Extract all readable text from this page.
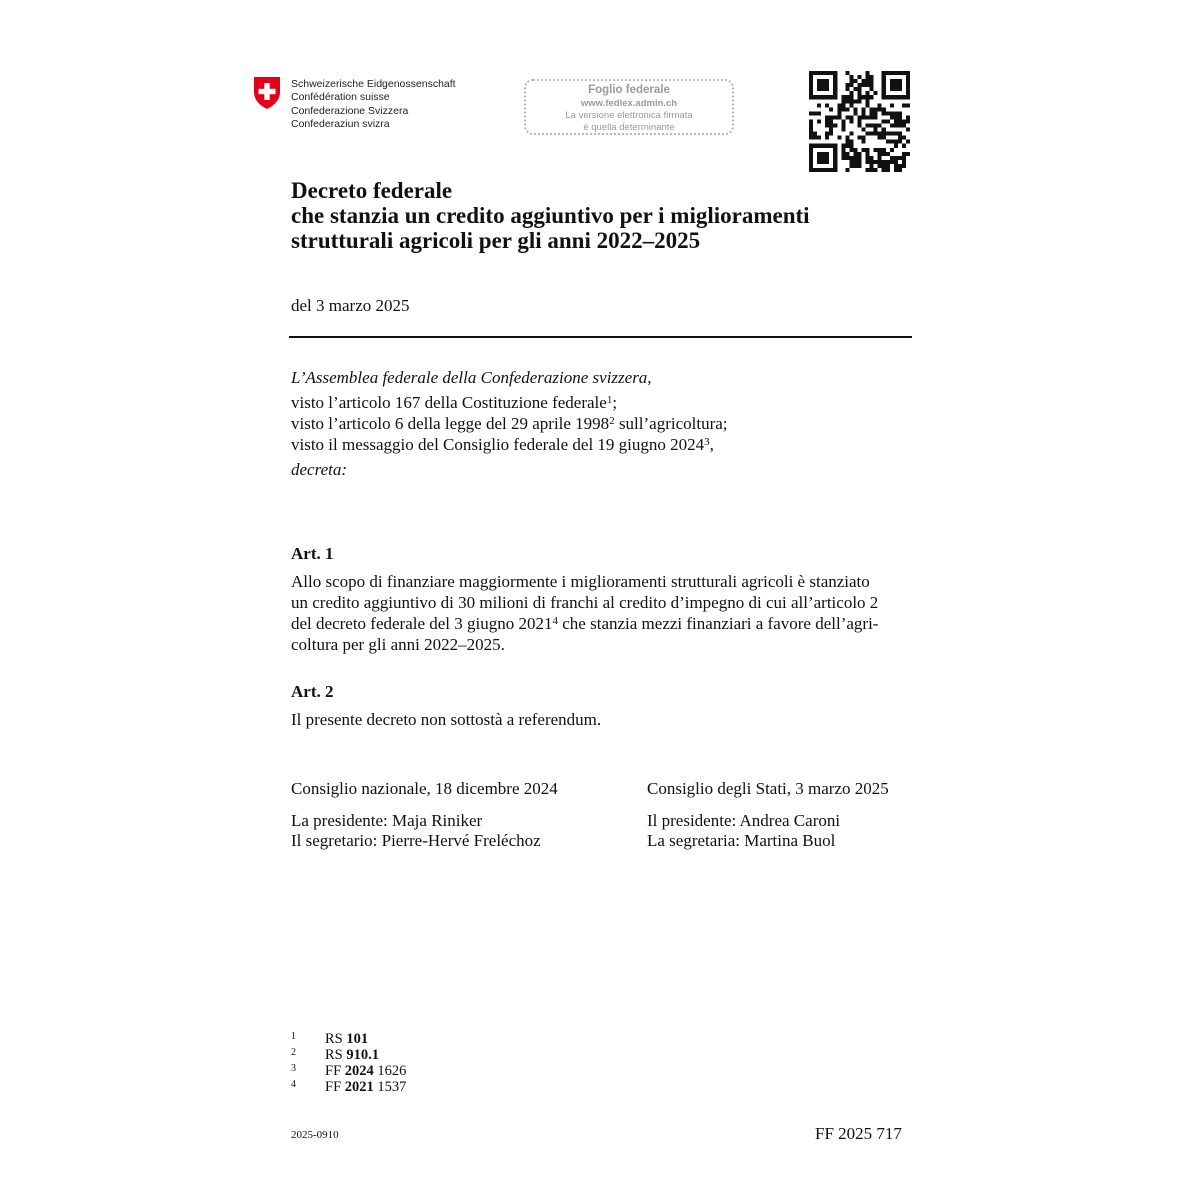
Schweizerische Eidgenossenschaft
Confédération suisse
Confederazione Svizzera
Confederaziun svizra
Foglio federale
www.fedlex.admin.ch
La versione elettronica firmata
è quella determinante
Decreto federale
che stanzia un credito aggiuntivo per i miglioramenti
strutturali agricoli per gli anni 2022–2025
del 3 marzo 2025
L’Assemblea federale della Confederazione svizzera,
visto l’articolo 167 della Costituzione federale$^1$;
visto l’articolo 6 della legge del 29 aprile 1998$^2$ sull’agricoltura;
visto il messaggio del Consiglio federale del 19 giugno 2024$^3$,
decreta:
Art. 1
Allo scopo di finanziare maggiormente i miglioramenti strutturali agricoli è stanziato
un credito aggiuntivo di 30 milioni di franchi al credito d’impegno di cui all’articolo 2
del decreto federale del 3 giugno 2021$^4$ che stanzia mezzi finanziari a favore dell’agri-
coltura per gli anni 2022–2025.
Art. 2
Il presente decreto non sottostà a referendum.
Consiglio nazionale, 18 dicembre 2024
La presidente: Maja Riniker
Il segretario: Pierre-Hervé Freléchoz
Consiglio degli Stati, 3 marzo 2025
Il presidente: Andrea Caroni
La segretaria: Martina Buol
1	RS 101
2	RS 910.1
3	FF 2024 1626
4	FF 2021 1537
2025-0910	FF 2025 717
